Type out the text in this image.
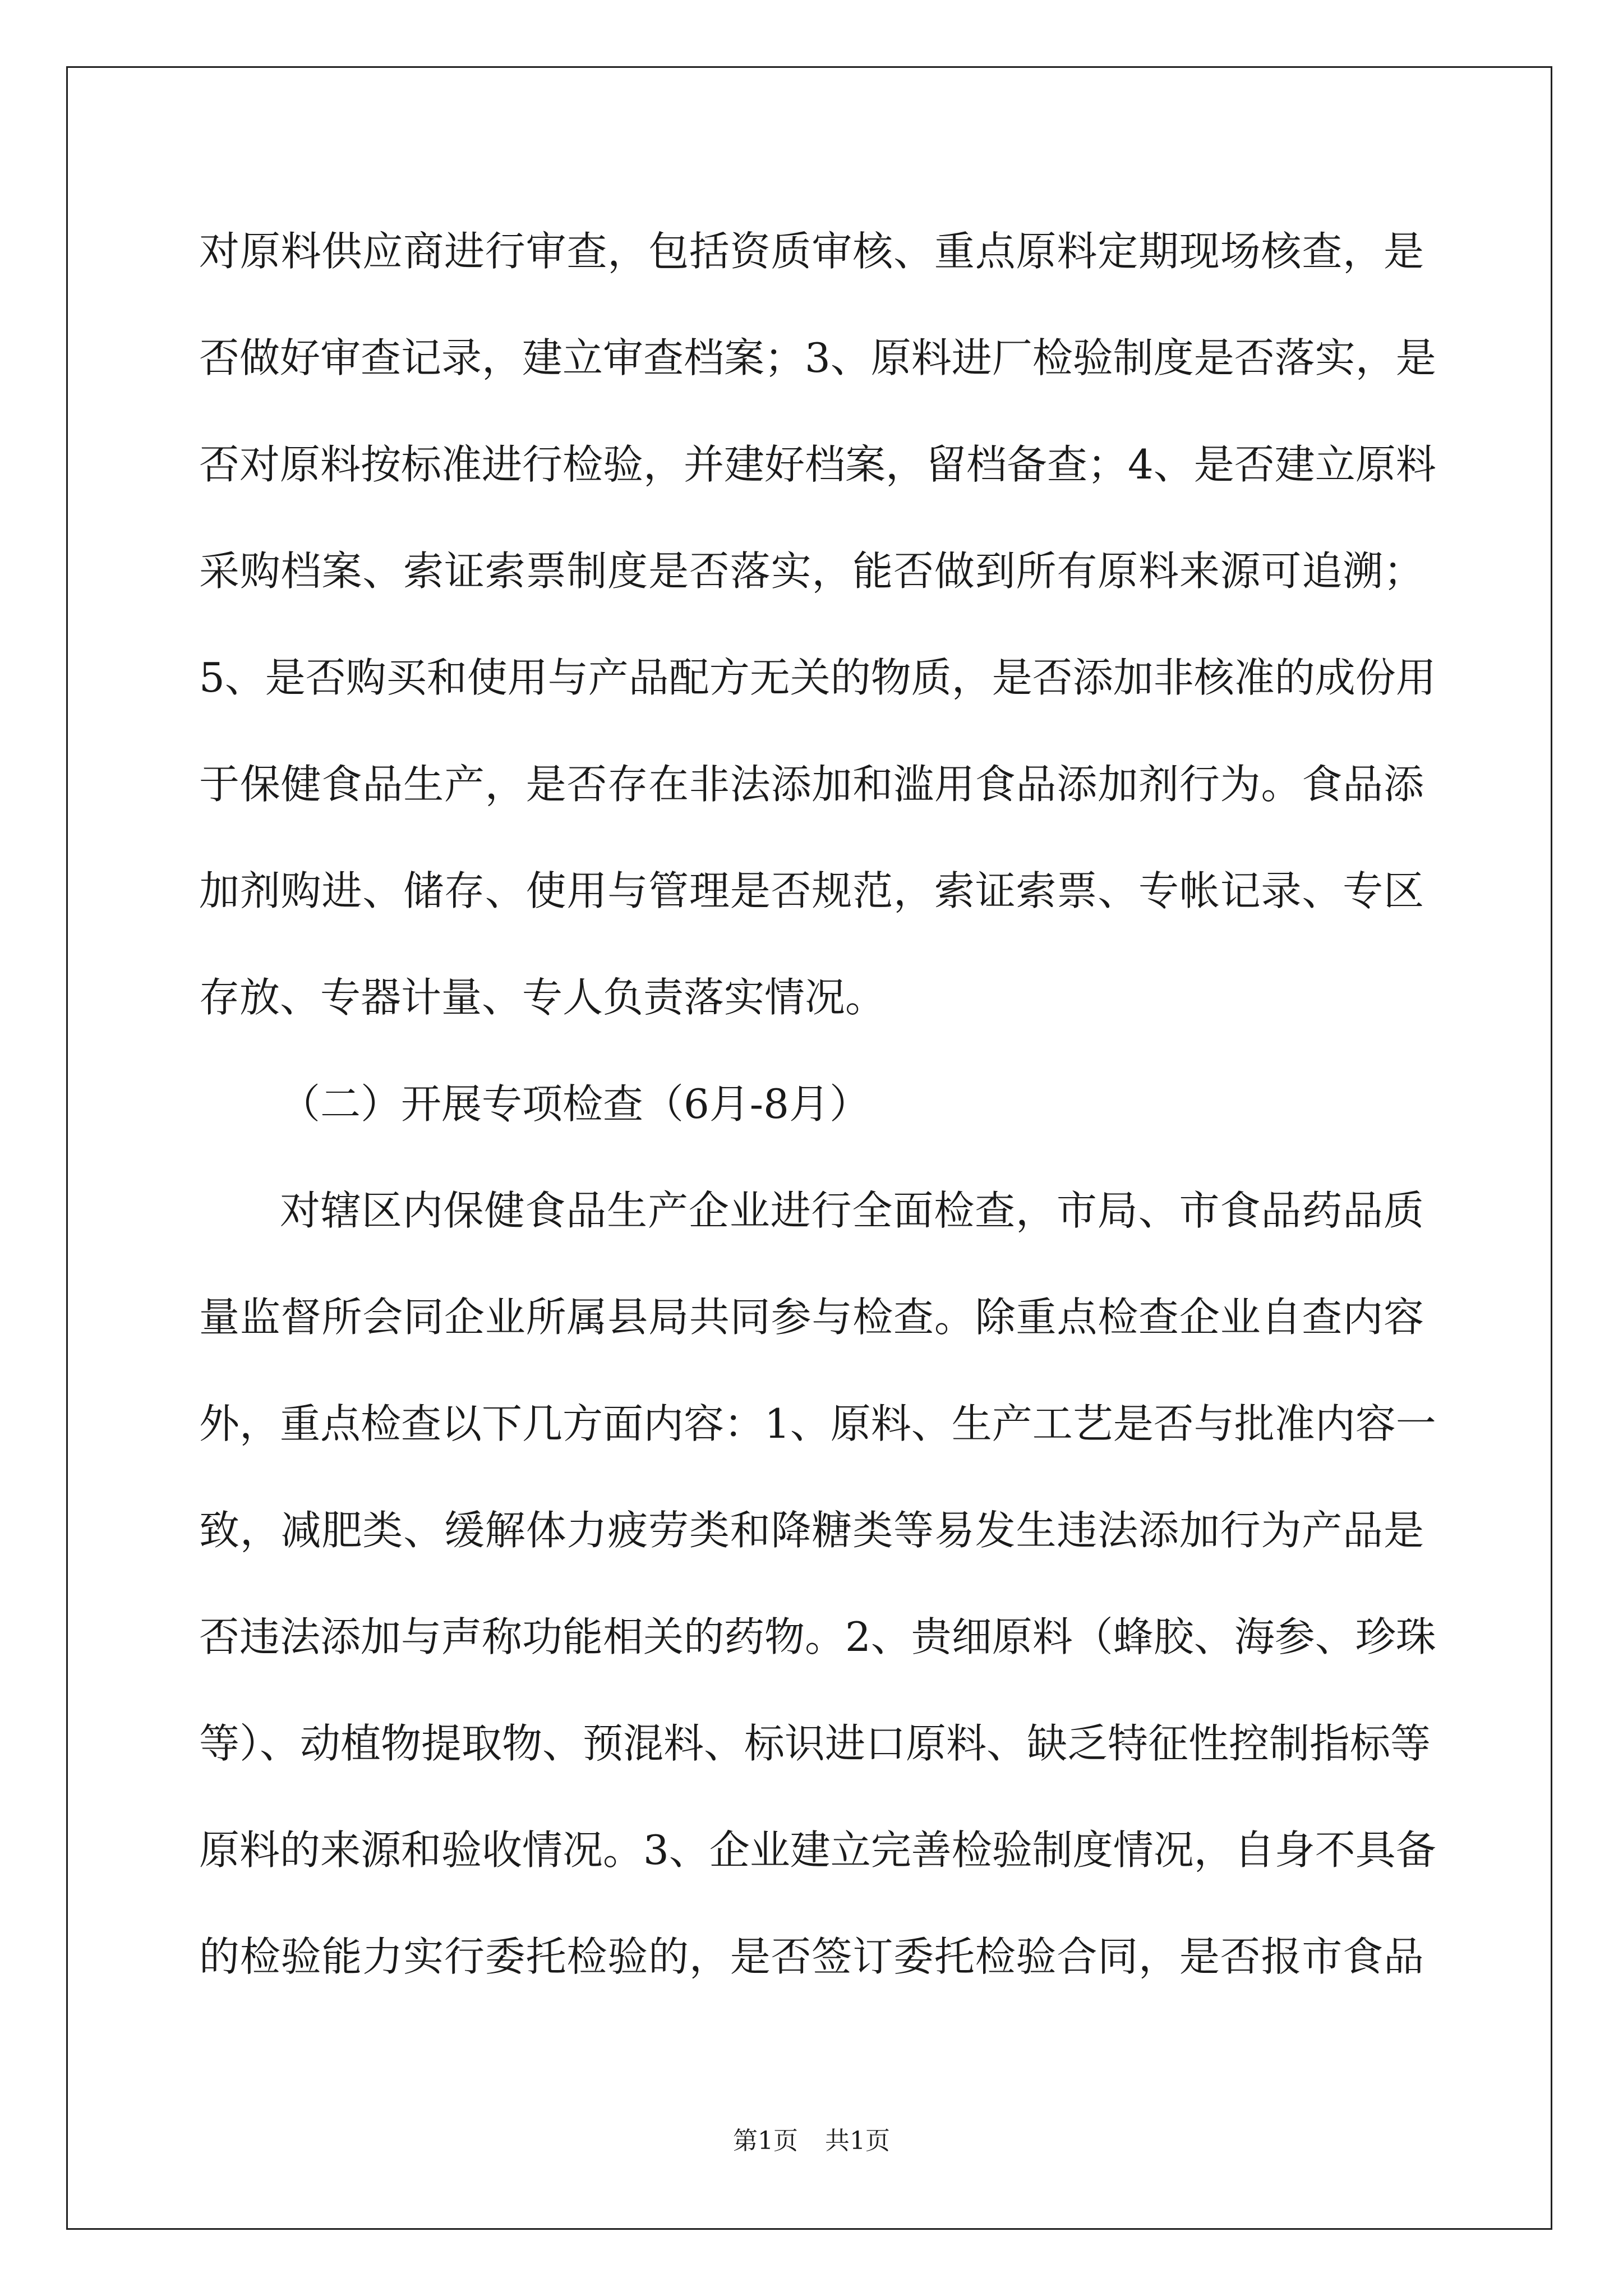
对原料供应商进行审查，包括资质审核、重点原料定期现场核查，是
否做好审查记录，建立审查档案；3、原料进厂检验制度是否落实，是
否对原料按标准进行检验，并建好档案，留档备查；4、是否建立原料
采购档案、索证索票制度是否落实，能否做到所有原料来源可追溯；
5、是否购买和使用与产品配方无关的物质，是否添加非核准的成份用
于保健食品生产，是否存在非法添加和滥用食品添加剂行为。食品添
加剂购进、储存、使用与管理是否规范，索证索票、专帐记录、专区
存放、专器计量、专人负责落实情况。
（二）开展专项检查（6月-8月）
对辖区内保健食品生产企业进行全面检查，市局、市食品药品质
量监督所会同企业所属县局共同参与检查。除重点检查企业自查内容
外，重点检查以下几方面内容：1、原料、生产工艺是否与批准内容一
致，减肥类、缓解体力疲劳类和降糖类等易发生违法添加行为产品是
否违法添加与声称功能相关的药物。2、贵细原料（蜂胶、海参、珍珠
等）、动植物提取物、预混料、标识进口原料、缺乏特征性控制指标等
原料的来源和验收情况。3、企业建立完善检验制度情况，自身不具备
的检验能力实行委托检验的，是否签订委托检验合同，是否报市食品
第1页 共1页
